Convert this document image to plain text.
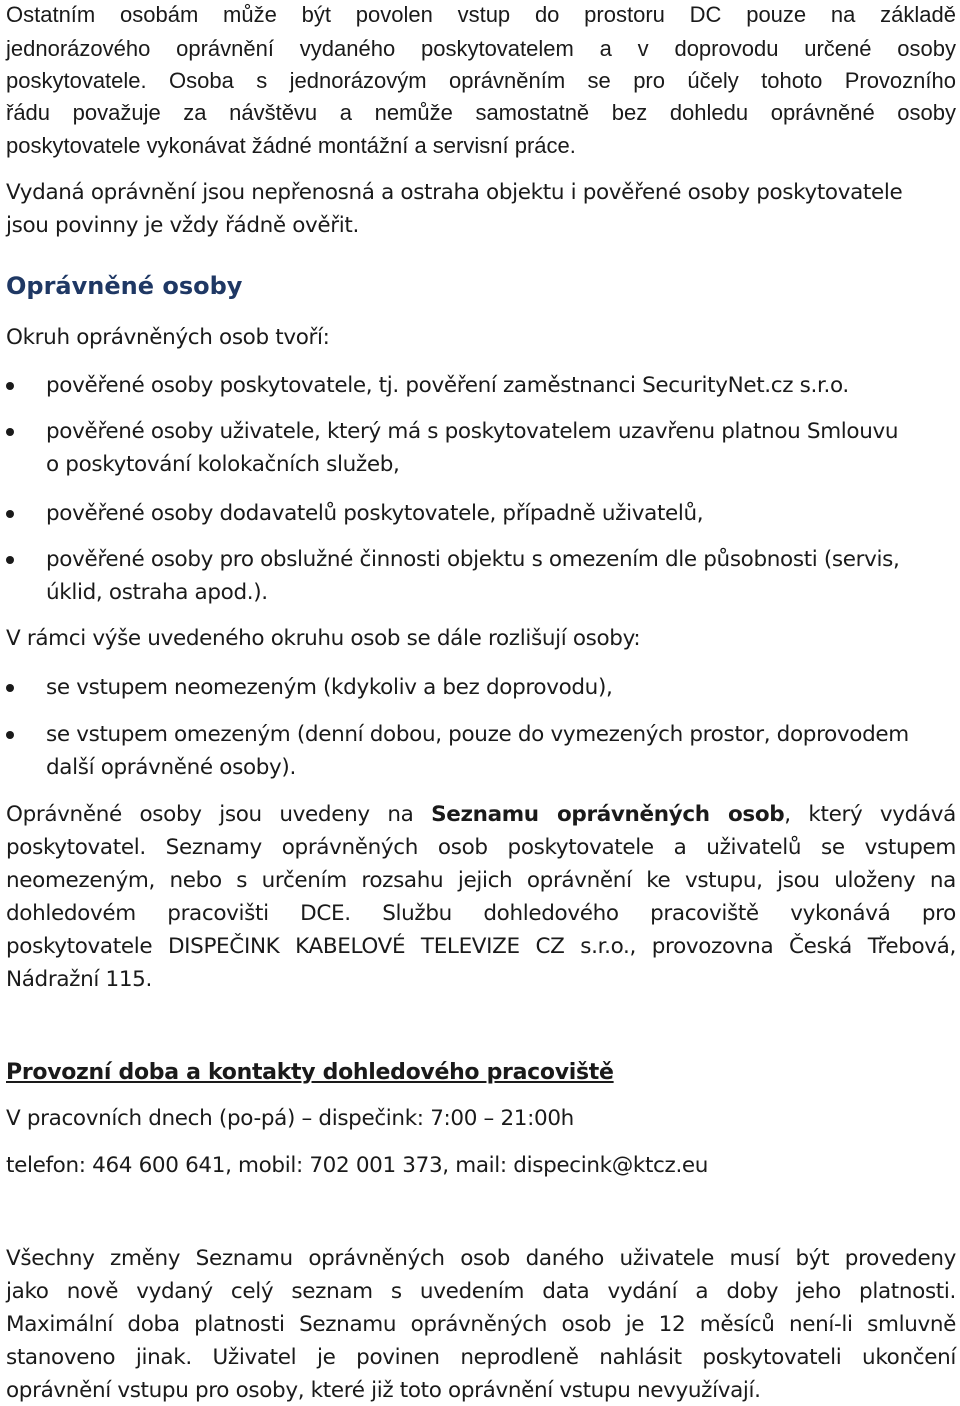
Ostatním osobám může být povolen vstup do prostoru DC pouze na základě
jednorázového oprávnění vydaného poskytovatelem a v doprovodu určené osoby
poskytovatele. Osoba s jednorázovým oprávněním se pro účely tohoto Provozního
řádu považuje za návštěvu a nemůže samostatně bez dohledu oprávněné osoby
poskytovatele vykonávat žádné montážní a servisní práce.
Vydaná oprávnění jsou nepřenosná a ostraha objektu i pověřené osoby poskytovatele
jsou povinny je vždy řádně ověřit.
Oprávněné osoby
Okruh oprávněných osob tvoří:
pověřené osoby poskytovatele, tj. pověření zaměstnanci SecurityNet.cz s.r.o.
pověřené osoby uživatele, který má s poskytovatelem uzavřenu platnou Smlouvu
o poskytování kolokačních služeb,
pověřené osoby dodavatelů poskytovatele, případně uživatelů,
pověřené osoby pro obslužné činnosti objektu s omezením dle působnosti (servis,
úklid, ostraha apod.).
V rámci výše uvedeného okruhu osob se dále rozlišují osoby:
se vstupem neomezeným (kdykoliv a bez doprovodu),
se vstupem omezeným (denní dobou, pouze do vymezených prostor, doprovodem
další oprávněné osoby).
Oprávněné osoby jsou uvedeny na Seznamu oprávněných osob, který vydává
poskytovatel. Seznamy oprávněných osob poskytovatele a uživatelů se vstupem
neomezeným, nebo s určením rozsahu jejich oprávnění ke vstupu, jsou uloženy na
dohledovém pracovišti DCE. Službu dohledového pracoviště vykonává pro
poskytovatele DISPEČINK KABELOVÉ TELEVIZE CZ s.r.o., provozovna Česká Třebová,
Nádražní 115.
Provozní doba a kontakty dohledového pracoviště
V pracovních dnech (po-pá) – dispečink: 7:00 – 21:00h
telefon: 464 600 641, mobil: 702 001 373, mail: dispecink@ktcz.eu
Všechny změny Seznamu oprávněných osob daného uživatele musí být provedeny
jako nově vydaný celý seznam s uvedením data vydání a doby jeho platnosti.
Maximální doba platnosti Seznamu oprávněných osob je 12 měsíců není-li smluvně
stanoveno jinak. Uživatel je povinen neprodleně nahlásit poskytovateli ukončení
oprávnění vstupu pro osoby, které již toto oprávnění vstupu nevyužívají.
